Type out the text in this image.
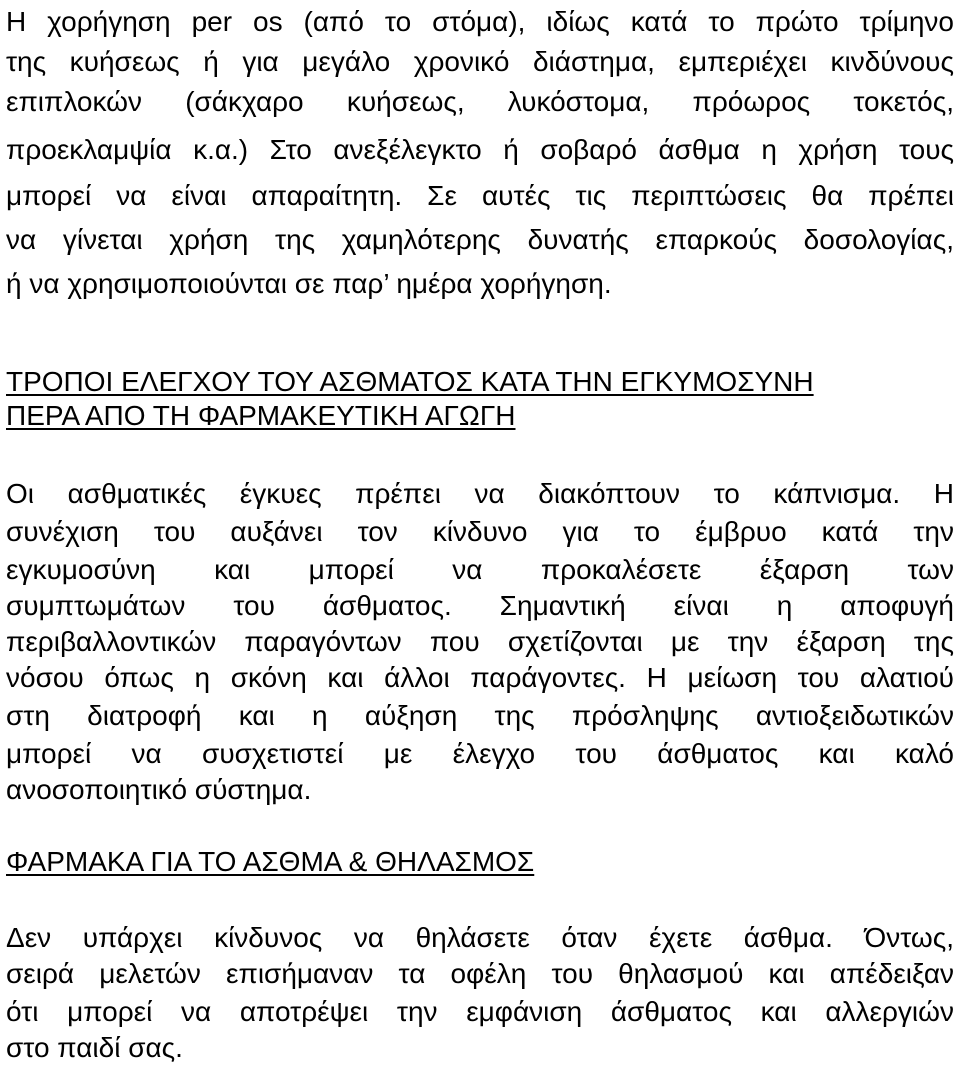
Η χορήγηση per os (από το στόμα), ιδίως κατά το πρώτο τρίμηνο

της κυήσεως ή για μεγάλο χρονικό διάστημα, εμπεριέχει κινδύνους

επιπλοκών (σάκχαρο κυήσεως, λυκόστομα, πρόωρος τοκετός,

προεκλαμψία κ.α.) Στο ανεξέλεγκτο ή σοβαρό άσθμα η χρήση τους

μπορεί να είναι απαραίτητη. Σε αυτές τις περιπτώσεις θα πρέπει

να γίνεται χρήση της χαμηλότερης δυνατής επαρκούς δοσολογίας,

ή να χρησιμοποιούνται σε παρ’ ημέρα χορήγηση.

ΤΡΟΠΟΙ ΕΛΕΓΧΟΥ ΤΟΥ ΑΣΘΜΑΤΟΣ ΚΑΤΑ ΤΗΝ ΕΓΚΥΜΟΣΥΝΗ

ΠΕΡΑ ΑΠΟ ΤΗ ΦΑΡΜΑΚΕΥΤΙΚΗ ΑΓΩΓΗ

Οι ασθματικές έγκυες πρέπει να διακόπτουν το κάπνισμα. Η

συνέχιση του αυξάνει τον κίνδυνο για το έμβρυο κατά την

εγκυμοσύνη και μπορεί να προκαλέσετε έξαρση των

συμπτωμάτων του άσθματος. Σημαντική είναι η αποφυγή

περιβαλλοντικών παραγόντων που σχετίζονται με την έξαρση της

νόσου όπως η σκόνη και άλλοι παράγοντες. Η μείωση του αλατιού

στη διατροφή και η αύξηση της πρόσληψης αντιοξειδωτικών

μπορεί να συσχετιστεί με έλεγχο του άσθματος και καλό

ανοσοποιητικό σύστημα.

ΦΑΡΜΑΚΑ ΓΙΑ ΤΟ ΑΣΘΜΑ & ΘΗΛΑΣΜΟΣ

Δεν υπάρχει κίνδυνος να θηλάσετε όταν έχετε άσθμα. Όντως,

σειρά μελετών επισήμαναν τα οφέλη του θηλασμού και απέδειξαν

ότι μπορεί να αποτρέψει την εμφάνιση άσθματος και αλλεργιών

στο παιδί σας.
